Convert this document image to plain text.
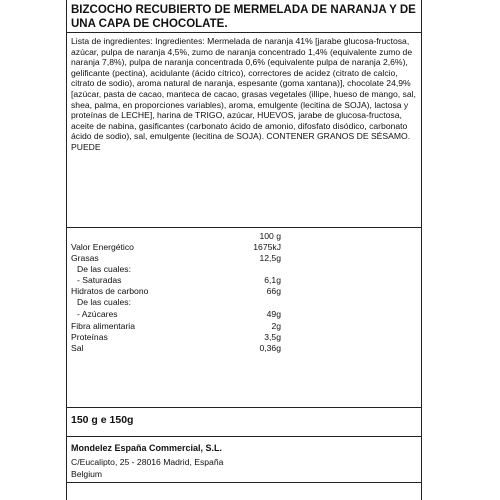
BIZCOCHO RECUBIERTO DE MERMELADA DE NARANJA Y DE UNA CAPA DE CHOCOLATE.

Lista de ingredientes: Ingredientes: Mermelada de naranja 41% [jarabe glucosa-fructosa, azúcar, pulpa de naranja 4,5%, zumo de naranja concentrado 1,4% (equivalente zumo de naranja 7,8%), pulpa de naranja concentrada 0,6% (equivalente pulpa de naranja 2,6%), gelificante (pectina), acidulante (ácido cítrico), correctores de acidez (citrato de calcio, citrato de sodio), aroma natural de naranja, espesante (goma xantana)], chocolate 24,9% [azúcar, pasta de cacao, manteca de cacao, grasas vegetales (illipe, hueso de mango, sal, shea, palma, en proporciones variables), aroma, emulgente (lecitina de SOJA), lactosa y proteínas de LECHE], harina de TRIGO, azúcar, HUEVOS, jarabe de glucosa-fructosa, aceite de nabina, gasificantes (carbonato ácido de amonio, difosfato disódico, carbonato ácido de sodio), sal, emulgente (lecitina de SOJA). CONTENER GRANOS DE SÉSAMO.

PUEDE

100 g
Valor Energético	1675kJ
Grasas	12,5g
De las cuales:
- Saturadas	6,1g
Hidratos de carbono	66g
De las cuales:
- Azúcares	49g
Fibra alimentaria	2g
Proteínas	3,5g
Sal	0,36g

150 g e 150g

Mondelez España Commercial, S.L.

C/Eucalipto, 25 - 28016 Madrid, España

Belgium
